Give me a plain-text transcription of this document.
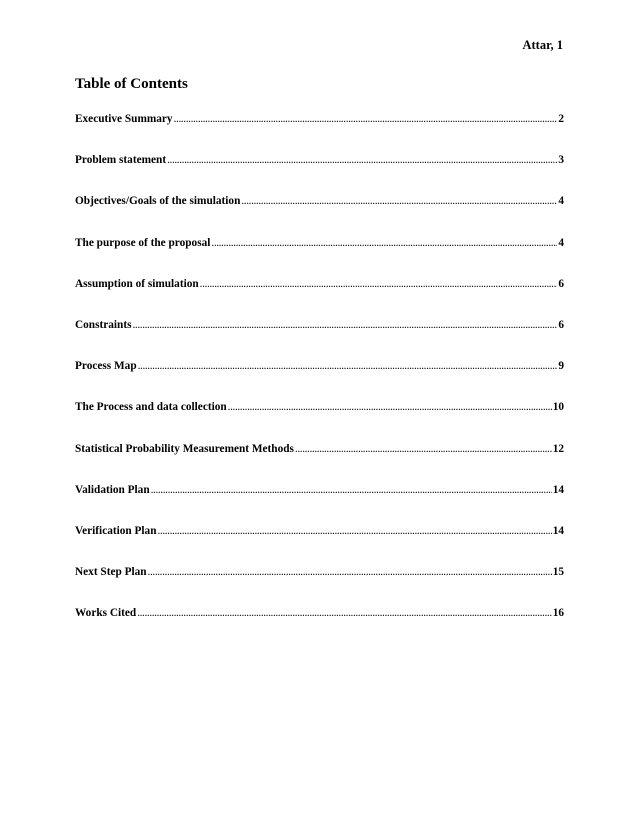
Attar, 1
Table of Contents
Executive Summary .....	2
Problem statement .....	3
Objectives/Goals of the simulation .....	4
The purpose of the proposal .....	4
Assumption of simulation .....	6
Constraints .....	6
Process Map .....	9
The Process and data collection .....	10
Statistical Probability Measurement Methods .....	12
Validation Plan .....	14
Verification Plan .....	14
Next Step Plan .....	15
Works Cited .....	16
